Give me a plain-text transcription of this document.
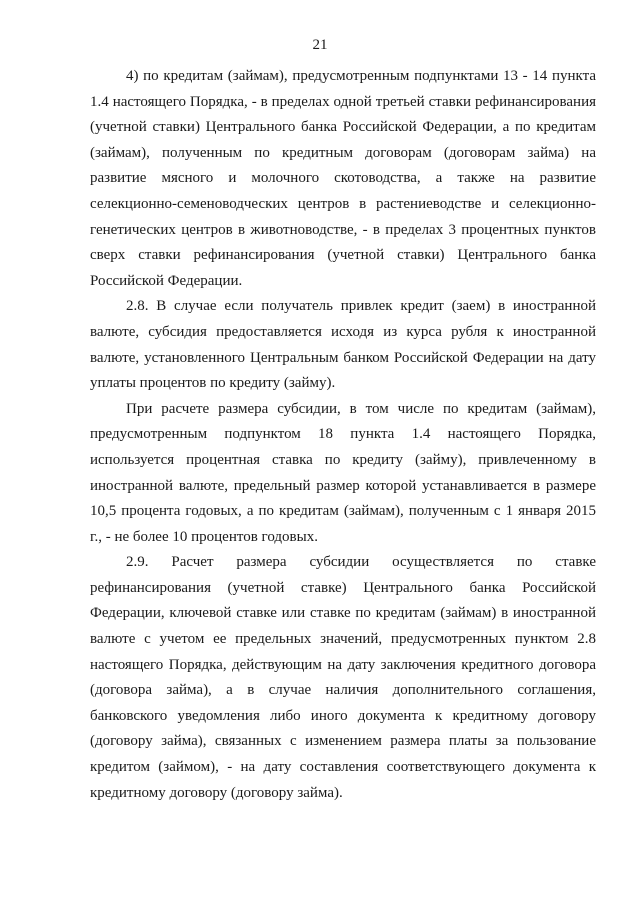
21

4) по кредитам (займам), предусмотренным подпунктами 13 - 14 пункта 1.4 настоящего Порядка, - в пределах одной третьей ставки рефинансирования (учетной ставки) Центрального банка Российской Федерации, а по кредитам (займам), полученным по кредитным договорам (договорам займа) на развитие мясного и молочного скотоводства, а также на развитие селекционно-семеноводческих центров в растениеводстве и селекционно-генетических центров в животноводстве, - в пределах 3 процентных пунктов сверх ставки рефинансирования (учетной ставки) Центрального банка Российской Федерации.

2.8. В случае если получатель привлек кредит (заем) в иностранной валюте, субсидия предоставляется исходя из курса рубля к иностранной валюте, установленного Центральным банком Российской Федерации на дату уплаты процентов по кредиту (займу).

При расчете размера субсидии, в том числе по кредитам (займам), предусмотренным подпунктом 18 пункта 1.4 настоящего Порядка, используется процентная ставка по кредиту (займу), привлеченному в иностранной валюте, предельный размер которой устанавливается в размере 10,5 процента годовых, а по кредитам (займам), полученным с 1 января 2015 г., - не более 10 процентов годовых.

2.9. Расчет размера субсидии осуществляется по ставке рефинансирования (учетной ставке) Центрального банка Российской Федерации, ключевой ставке или ставке по кредитам (займам) в иностранной валюте с учетом ее предельных значений, предусмотренных пунктом 2.8 настоящего Порядка, действующим на дату заключения кредитного договора (договора займа), а в случае наличия дополнительного соглашения, банковского уведомления либо иного документа к кредитному договору (договору займа), связанных с изменением размера платы за пользование кредитом (займом), - на дату составления соответствующего документа к кредитному договору (договору займа).
